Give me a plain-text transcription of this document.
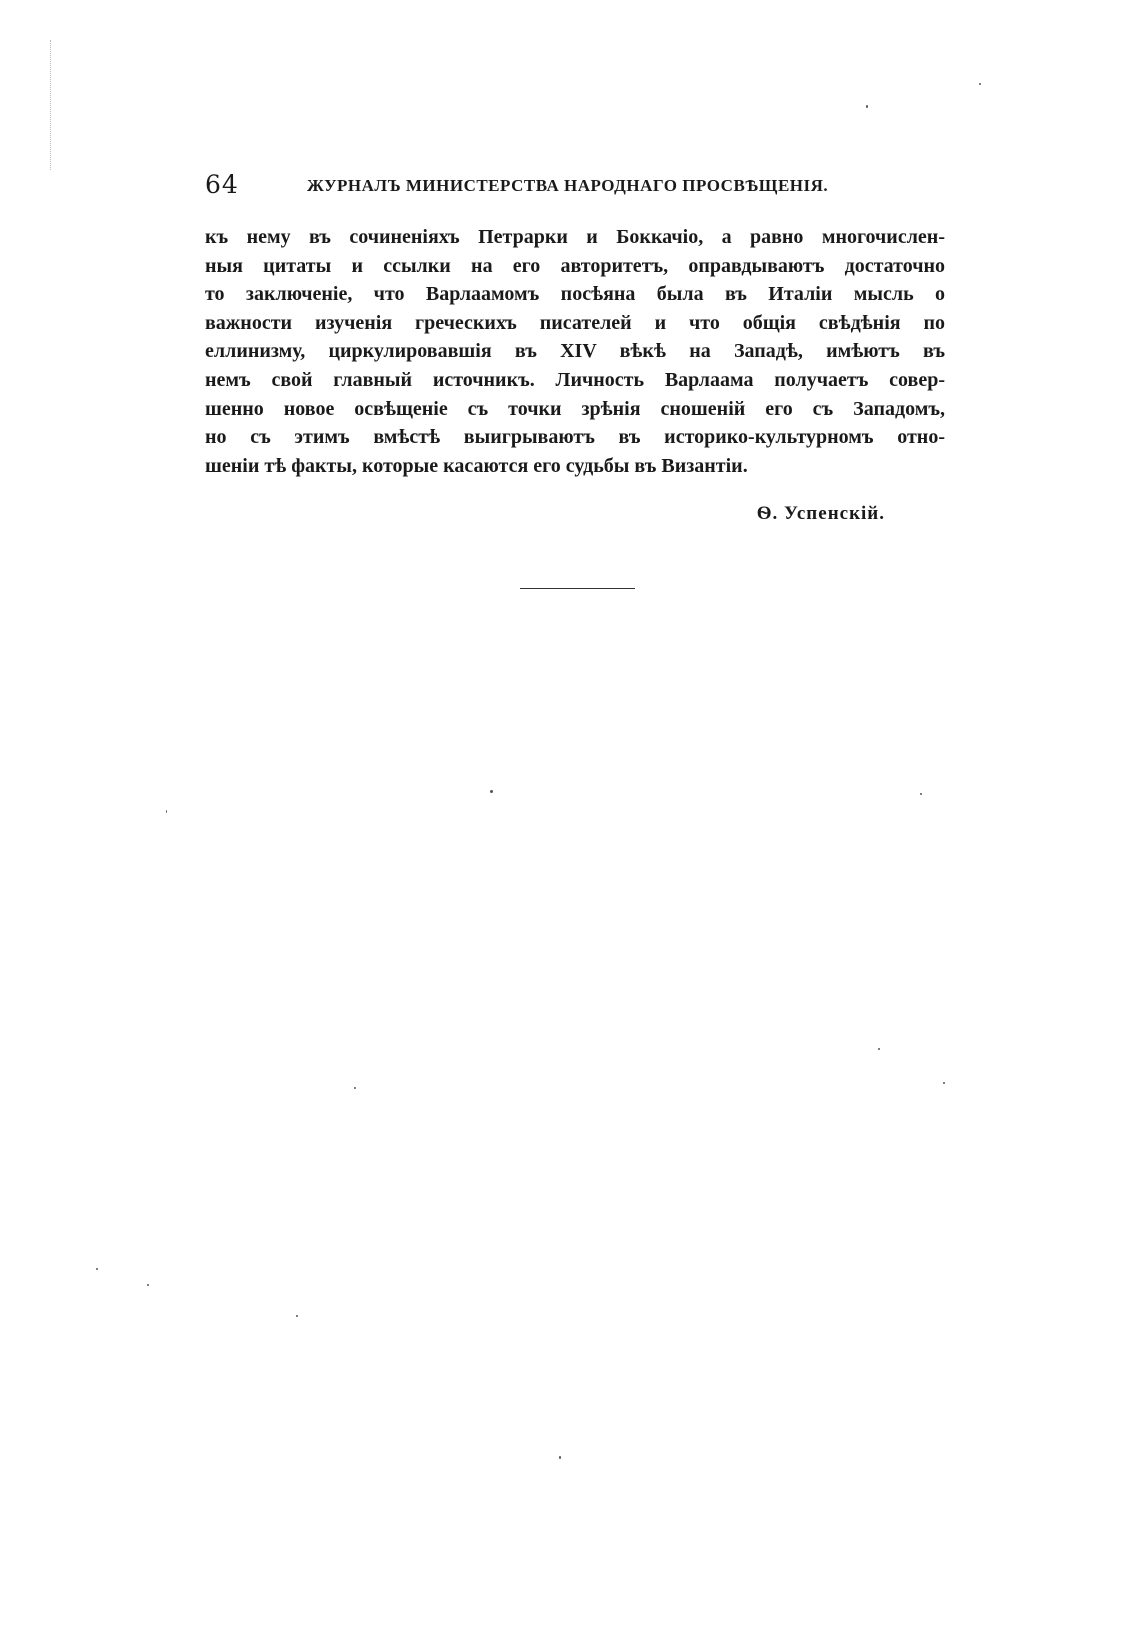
64	ЖУРНАЛЪ МИНИСТЕРСТВА НАРОДНАГО ПРОСВѢЩЕНІЯ.
къ нему въ сочиненіяхъ Петрарки и Боккачіо, а равно многочислен-
ныя цитаты и ссылки на его авторитетъ, оправдываютъ достаточно
то заключеніе, что Варлаамомъ посѣяна была въ Италіи мысль о
важности изученія греческихъ писателей и что общія свѣдѣнія по
еллинизму, циркулировавшія въ XIV вѣкѣ на Западѣ, имѣютъ въ
немъ свой главный источникъ. Личность Варлаама получаетъ совер-
шенно новое освѣщеніе съ точки зрѣнія сношеній его съ Западомъ,
но съ этимъ вмѣстѣ выигрываютъ въ историко-культурномъ отно-
шеніи тѣ факты, которые касаются его судьбы въ Византіи.
Ѳ. Успенскій.
